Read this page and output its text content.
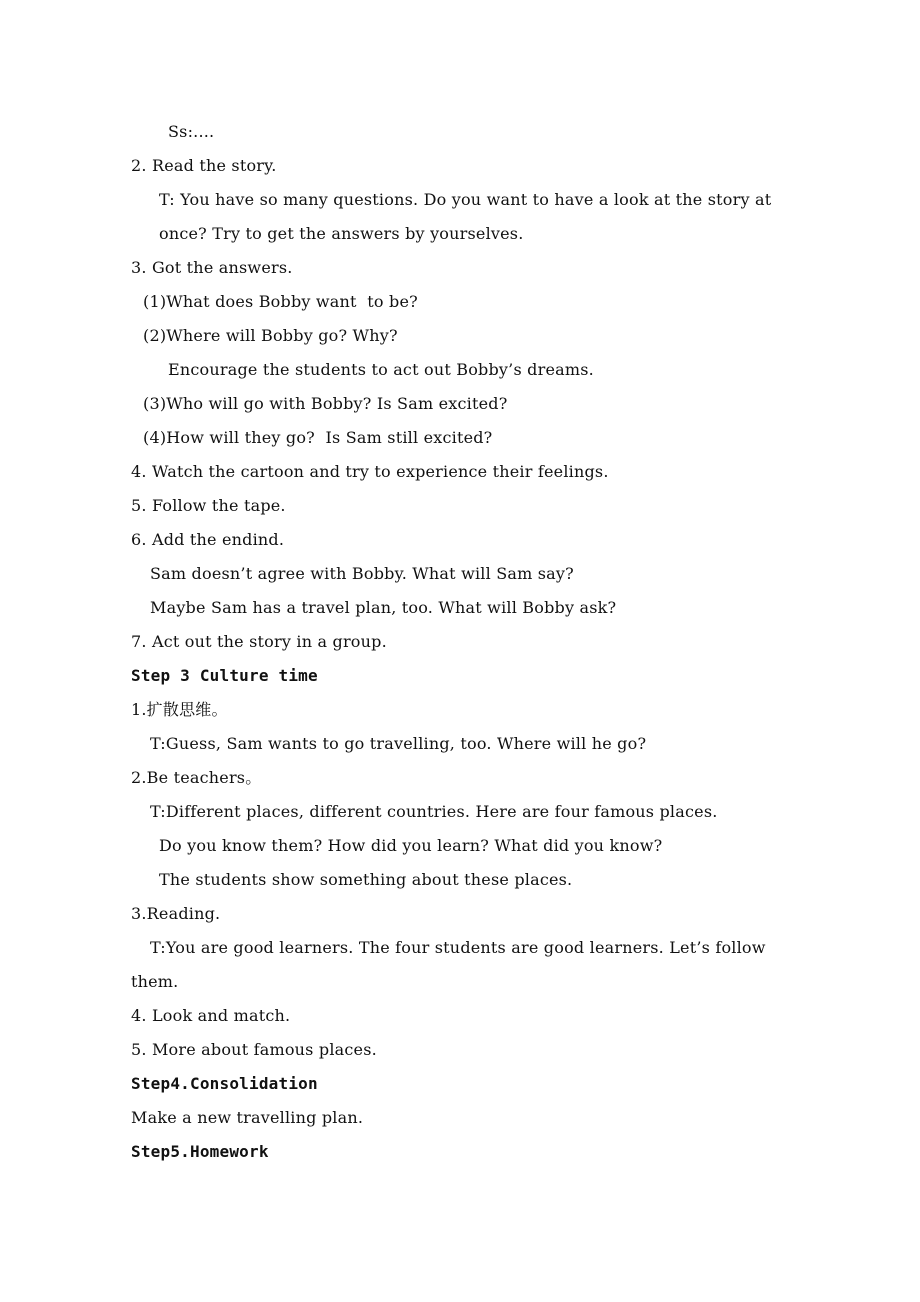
Ss:....
2. Read the story.
T: You have so many questions. Do you want to have a look at the story at
once? Try to get the answers by yourselves.
3. Got the answers.
(1)What does Bobby want  to be?
(2)Where will Bobby go? Why?
Encourage the students to act out Bobby’s dreams.
(3)Who will go with Bobby? Is Sam excited?
(4)How will they go?  Is Sam still excited?
4. Watch the cartoon and try to experience their feelings.
5. Follow the tape.
6. Add the endind.
Sam doesn’t agree with Bobby. What will Sam say?
Maybe Sam has a travel plan, too. What will Bobby ask?
7. Act out the story in a group.
Step 3 Culture time
1.扩散思维。
T:Guess, Sam wants to go travelling, too. Where will he go?
2.Be teachers。
T:Different places, different countries. Here are four famous places.
Do you know them? How did you learn? What did you know?
The students show something about these places.
3.Reading.
T:You are good learners. The four students are good learners. Let’s follow
them.
4. Look and match.
5. More about famous places.
Step4.Consolidation
Make a new travelling plan.
Step5.Homework
